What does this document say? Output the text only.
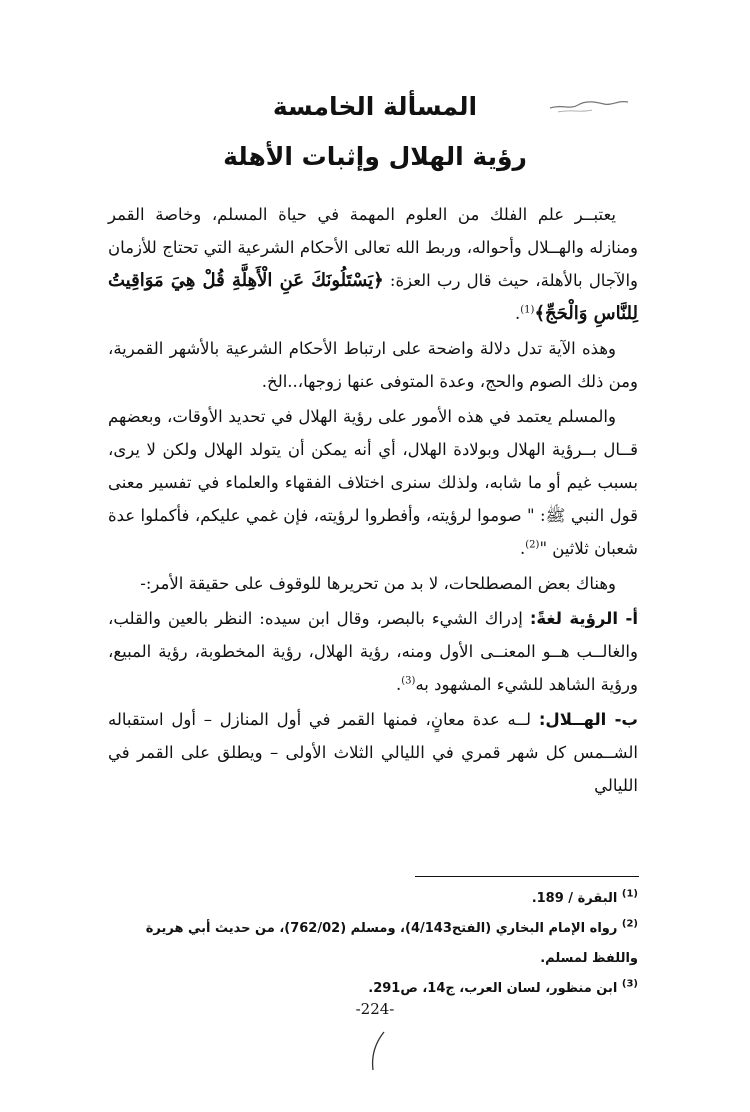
المسألة الخامسة
رؤية الهلال وإثبات الأهلة

يعتبــر علم الفلك من العلوم المهمة في حياة المسلم، وخاصة القمر ومنازله والهــلال وأحواله، وربط الله تعالى الأحكام الشرعية التي تحتاج للأزمان والآجال بالأهلة، حيث قال رب العزة: ﴿يَسْتَلُونَكَ عَنِ الْأَهِلَّةِ قُلْ هِيَ مَوَاقِيتُ لِلنَّاسِ وَالْحَجِّ﴾$^{(1)}$.

وهذه الآية تدل دلالة واضحة على ارتباط الأحكام الشرعية بالأشهر القمرية، ومن ذلك الصوم والحج، وعدة المتوفى عنها زوجها،..الخ.

والمسلم يعتمد في هذه الأمور على رؤية الهلال في تحديد الأوقات، وبعضهم قــال بــرؤية الهلال وبولادة الهلال، أي أنه يمكن أن يتولد الهلال ولكن لا يرى، بسبب غيم أو ما شابه، ولذلك سنرى اختلاف الفقهاء والعلماء في تفسير معنى قول النبي ﷺ: " صوموا لرؤيته، وأفطروا لرؤيته، فإن غمي عليكم، فأكملوا عدة شعبان ثلاثين "$^{(2)}$.

وهناك بعض المصطلحات، لا بد من تحريرها للوقوف على حقيقة الأمر:-

أ- الرؤية لغةً: إدراك الشيء بالبصر، وقال ابن سيده: النظر بالعين والقلب، والغالــب هــو المعنــى الأول ومنه، رؤية الهلال، رؤية المخطوبة، رؤية المبيع، ورؤية الشاهد للشيء المشهود به$^{(3)}$.

ب- الهــلال: لــه عدة معانٍ، فمنها القمر في أول المنازل – أول استقباله الشــمس كل شهر قمري في الليالي الثلاث الأولى – ويطلق على القمر في الليالي

$^{(1)}$ البقرة / 189.
$^{(2)}$ رواه الإمام البخاري (الفتح4/143)، ومسلم (762/02)، من حديث أبي هريرة واللفظ لمسلم.
$^{(3)}$ ابن منظور، لسان العرب، ج14، ص291.
-224-
